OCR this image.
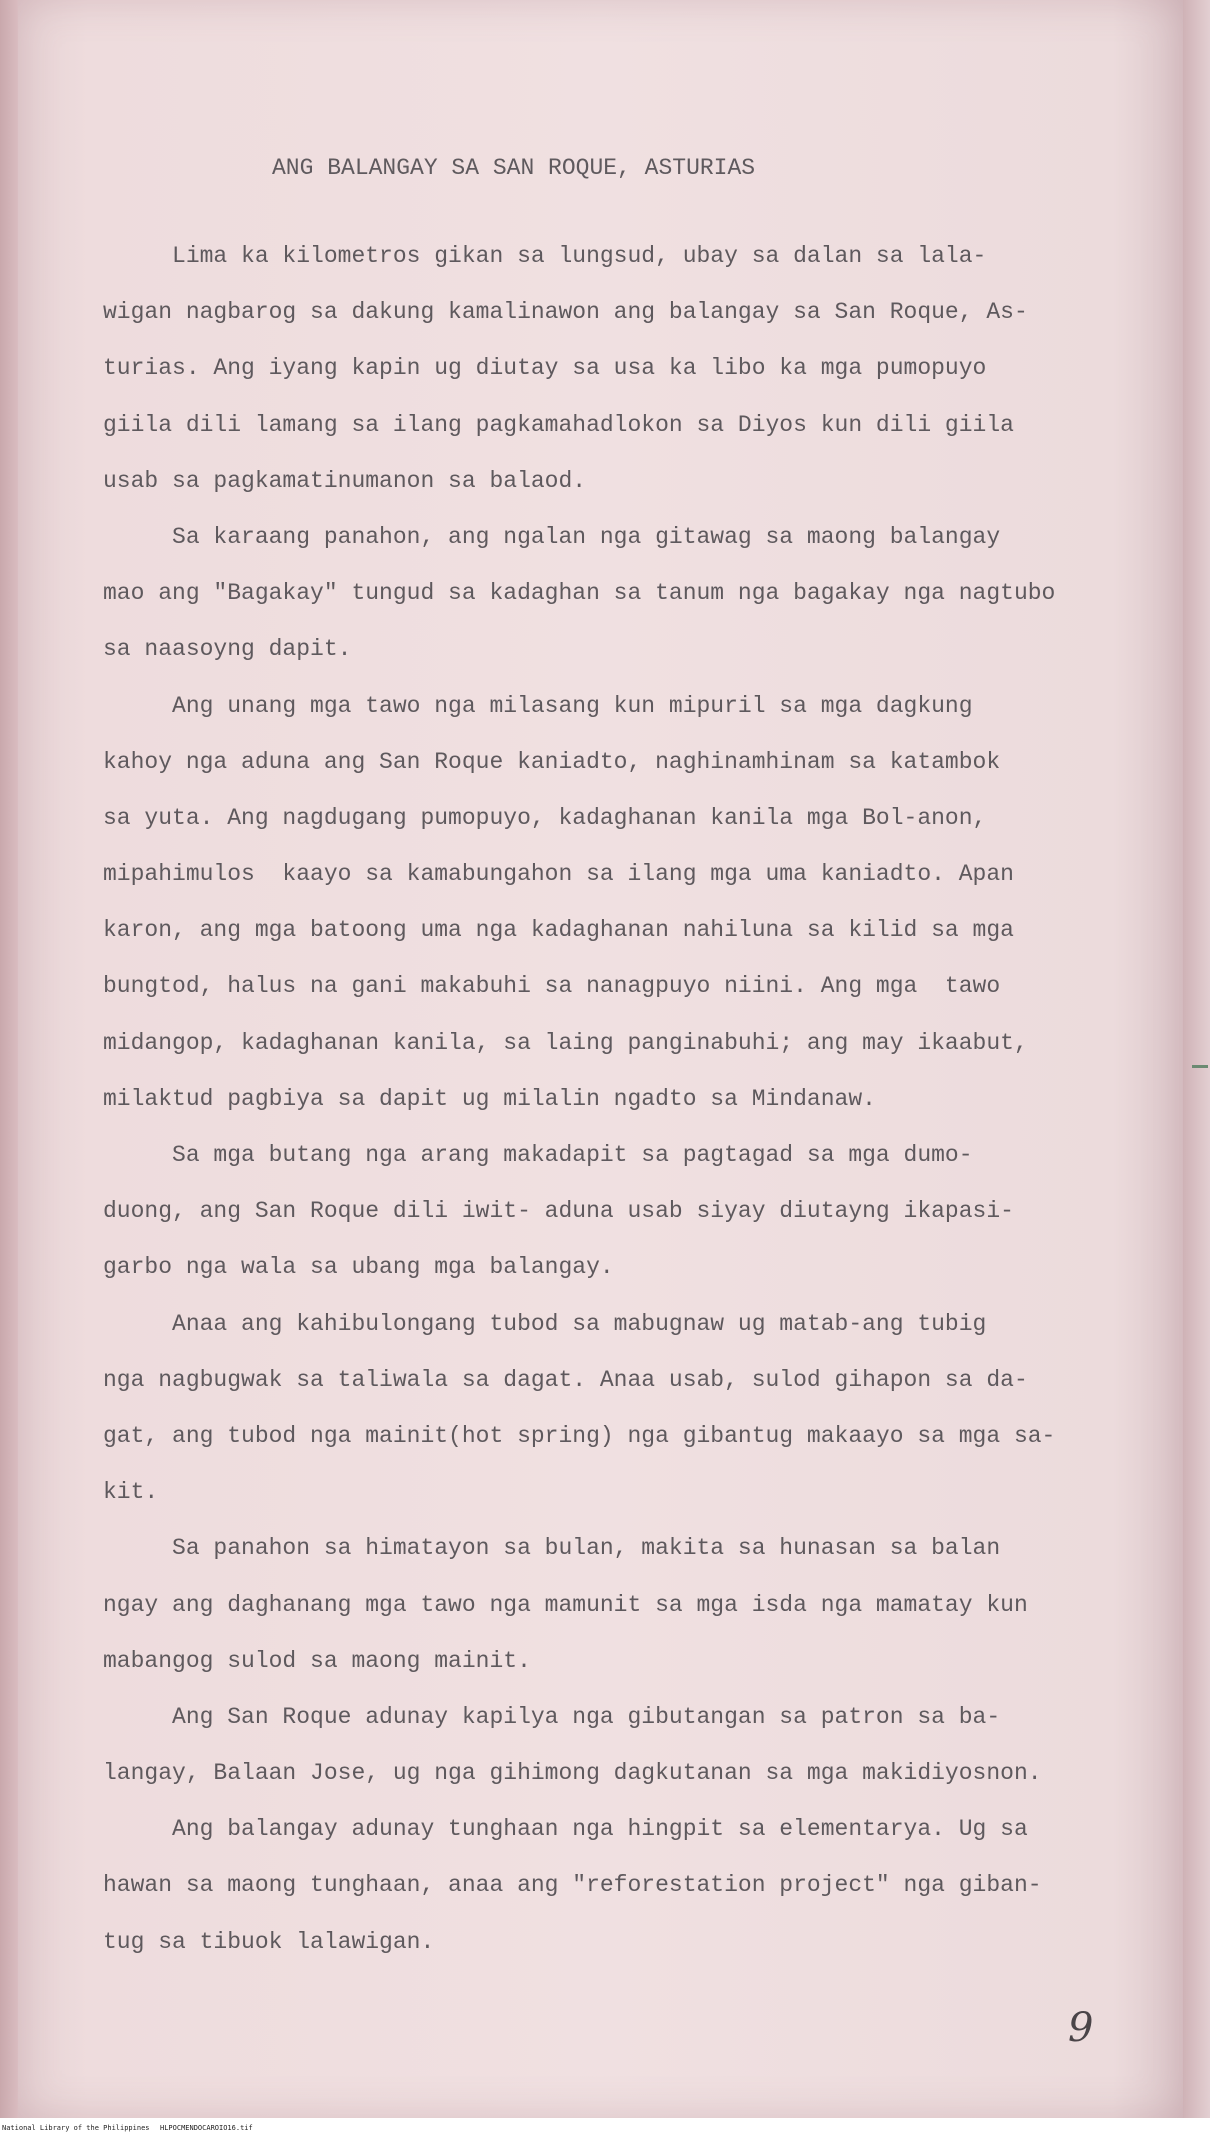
ANG BALANGAY SA SAN ROQUE, ASTURIAS
Lima ka kilometros gikan sa lungsud, ubay sa dalan sa lala-
wigan nagbarog sa dakung kamalinawon ang balangay sa San Roque, As-
turias. Ang iyang kapin ug diutay sa usa ka libo ka mga pumopuyo
giila dili lamang sa ilang pagkamahadlokon sa Diyos kun dili giila
usab sa pagkamatinumanon sa balaod.
Sa karaang panahon, ang ngalan nga gitawag sa maong balangay
mao ang "Bagakay" tungud sa kadaghan sa tanum nga bagakay nga nagtubo
sa naasoyng dapit.
Ang unang mga tawo nga milasang kun mipuril sa mga dagkung
kahoy nga aduna ang San Roque kaniadto, naghinamhinam sa katambok
sa yuta. Ang nagdugang pumopuyo, kadaghanan kanila mga Bol-anon,
mipahimulos  kaayo sa kamabungahon sa ilang mga uma kaniadto. Apan
karon, ang mga batoong uma nga kadaghanan nahiluna sa kilid sa mga
bungtod, halus na gani makabuhi sa nanagpuyo niini. Ang mga  tawo
midangop, kadaghanan kanila, sa laing panginabuhi; ang may ikaabut,
milaktud pagbiya sa dapit ug milalin ngadto sa Mindanaw.
Sa mga butang nga arang makadapit sa pagtagad sa mga dumo-
duong, ang San Roque dili iwit- aduna usab siyay diutayng ikapasi-
garbo nga wala sa ubang mga balangay.
Anaa ang kahibulongang tubod sa mabugnaw ug matab-ang tubig
nga nagbugwak sa taliwala sa dagat. Anaa usab, sulod gihapon sa da-
gat, ang tubod nga mainit(hot spring) nga gibantug makaayo sa mga sa-
kit.
Sa panahon sa himatayon sa bulan, makita sa hunasan sa balan
ngay ang daghanang mga tawo nga mamunit sa mga isda nga mamatay kun
mabangog sulod sa maong mainit.
Ang San Roque adunay kapilya nga gibutangan sa patron sa ba-
langay, Balaan Jose, ug nga gihimong dagkutanan sa mga makidiyosnon.
Ang balangay adunay tunghaan nga hingpit sa elementarya. Ug sa
hawan sa maong tunghaan, anaa ang "reforestation project" nga giban-
tug sa tibuok lalawigan.
9
National Library of the Philippines HLPOCMENDOCAROIO16.tif
